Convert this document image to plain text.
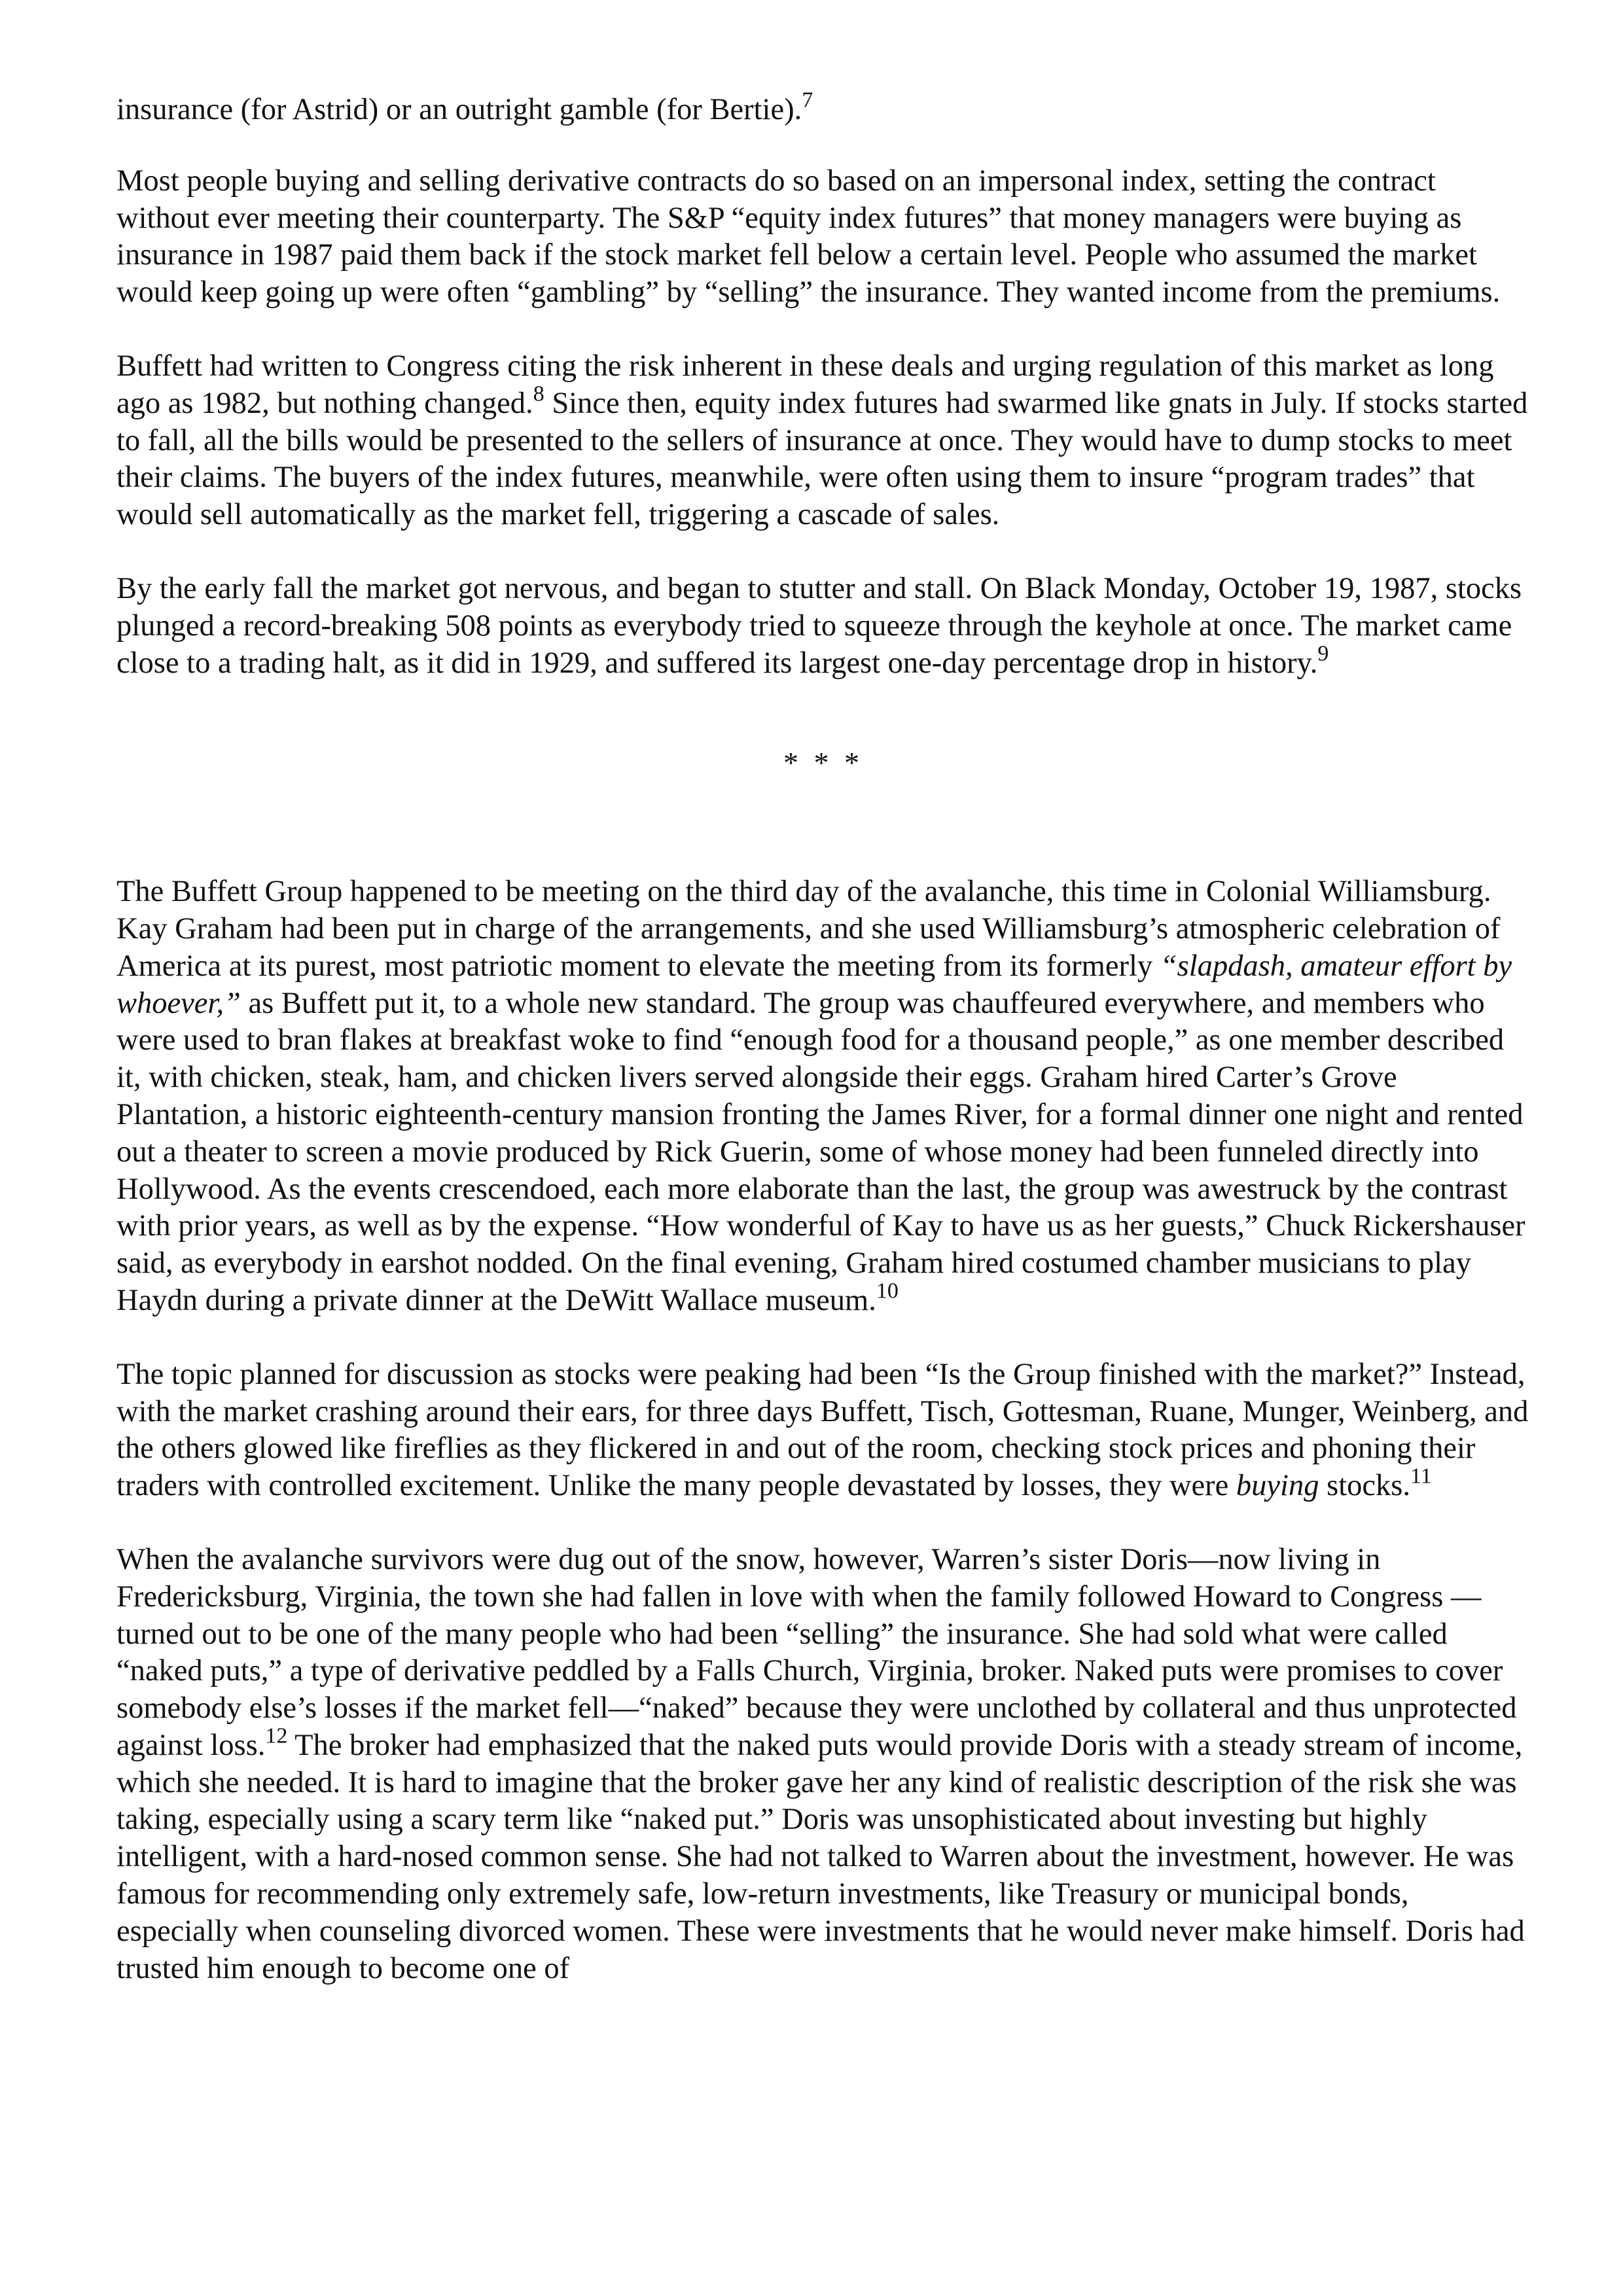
insurance (for Astrid) or an outright gamble (for Bertie).$^7$

Most people buying and selling derivative contracts do so based on an impersonal index, setting the contract without ever meeting their counterparty. The S&P “equity index futures” that money managers were buying as insurance in 1987 paid them back if the stock market fell below a certain level. People who assumed the market would keep going up were often “gambling” by “selling” the insurance. They wanted income from the premiums.

Buffett had written to Congress citing the risk inherent in these deals and urging regulation of this market as long ago as 1982, but nothing changed.$^8$ Since then, equity index futures had swarmed like gnats in July. If stocks started to fall, all the bills would be presented to the sellers of insurance at once. They would have to dump stocks to meet their claims. The buyers of the index futures, meanwhile, were often using them to insure “program trades” that would sell automatically as the market fell, triggering a cascade of sales.

By the early fall the market got nervous, and began to stutter and stall. On Black Monday, October 19, 1987, stocks plunged a record-breaking 508 points as everybody tried to squeeze through the keyhole at once. The market came close to a trading halt, as it did in 1929, and suffered its largest one-day percentage drop in history.$^9$

* * *

The Buffett Group happened to be meeting on the third day of the avalanche, this time in Colonial Williamsburg. Kay Graham had been put in charge of the arrangements, and she used Williamsburg’s atmospheric celebration of America at its purest, most patriotic moment to elevate the meeting from its formerly “slapdash, amateur effort by whoever,” as Buffett put it, to a whole new standard. The group was chauffeured everywhere, and members who were used to bran flakes at breakfast woke to find “enough food for a thousand people,” as one member described it, with chicken, steak, ham, and chicken livers served alongside their eggs. Graham hired Carter’s Grove Plantation, a historic eighteenth-century mansion fronting the James River, for a formal dinner one night and rented out a theater to screen a movie produced by Rick Guerin, some of whose money had been funneled directly into Hollywood. As the events crescendoed, each more elaborate than the last, the group was awestruck by the contrast with prior years, as well as by the expense. “How wonderful of Kay to have us as her guests,” Chuck Rickershauser said, as everybody in earshot nodded. On the final evening, Graham hired costumed chamber musicians to play Haydn during a private dinner at the DeWitt Wallace museum.$^{10}$

The topic planned for discussion as stocks were peaking had been “Is the Group finished with the market?” Instead, with the market crashing around their ears, for three days Buffett, Tisch, Gottesman, Ruane, Munger, Weinberg, and the others glowed like fireflies as they flickered in and out of the room, checking stock prices and phoning their traders with controlled excitement. Unlike the many people devastated by losses, they were buying stocks.$^{11}$

When the avalanche survivors were dug out of the snow, however, Warren’s sister Doris—now living in Fredericksburg, Virginia, the town she had fallen in love with when the family followed Howard to Congress —turned out to be one of the many people who had been “selling” the insurance. She had sold what were called “naked puts,” a type of derivative peddled by a Falls Church, Virginia, broker. Naked puts were promises to cover somebody else’s losses if the market fell—“naked” because they were unclothed by collateral and thus unprotected against loss.$^{12}$ The broker had emphasized that the naked puts would provide Doris with a steady stream of income, which she needed. It is hard to imagine that the broker gave her any kind of realistic description of the risk she was taking, especially using a scary term like “naked put.” Doris was unsophisticated about investing but highly intelligent, with a hard-nosed common sense. She had not talked to Warren about the investment, however. He was famous for recommending only extremely safe, low-return investments, like Treasury or municipal bonds, especially when counseling divorced women. These were investments that he would never make himself. Doris had trusted him enough to become one of
